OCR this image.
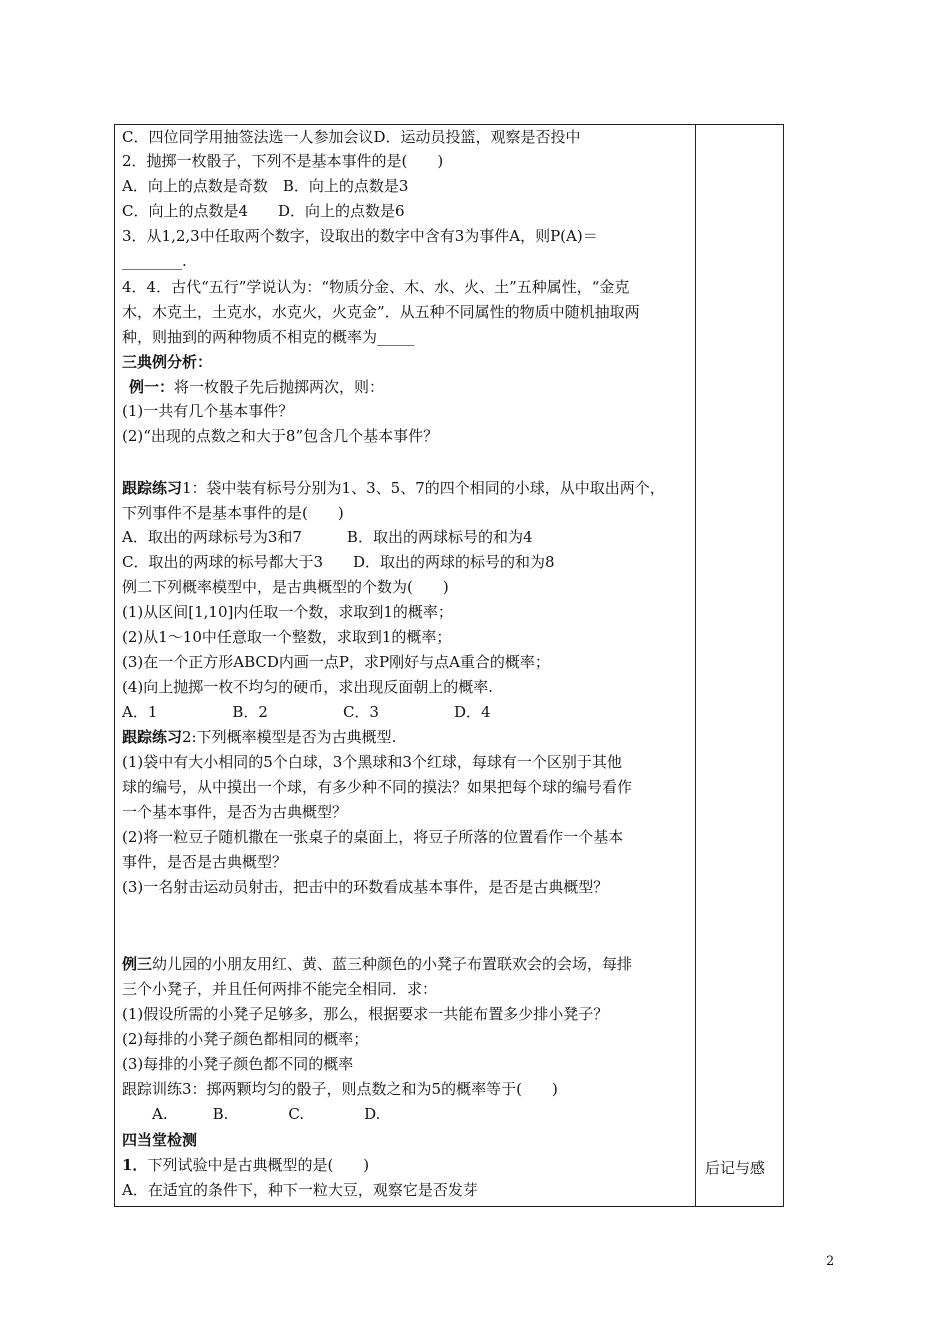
C．四位同学用抽签法选一人参加会议D．运动员投篮，观察是否投中
2．抛掷一枚骰子，下列不是基本事件的是(　　)
A．向上的点数是奇数　B．向上的点数是3
C．向上的点数是4　　D．向上的点数是6
3．从1,2,3中任取两个数字，设取出的数字中含有3为事件A，则P(A)＝
________.
4．4．古代“五行”学说认为：“物质分金、木、水、火、土”五种属性，“金克
木，木克土，土克水，水克火，火克金”．从五种不同属性的物质中随机抽取两
种，则抽到的两种物质不相克的概率为_____
三典例分析：
例一：将一枚骰子先后抛掷两次，则：
(1)一共有几个基本事件？
(2)“出现的点数之和大于8”包含几个基本事件？
跟踪练习1：袋中装有标号分别为1、3、5、7的四个相同的小球，从中取出两个，
下列事件不是基本事件的是(　　)
A．取出的两球标号为3和7　　　B．取出的两球标号的和为4
C．取出的两球的标号都大于3　　D．取出的两球的标号的和为8
例二下列概率模型中，是古典概型的个数为(　　)
(1)从区间[1,10]内任取一个数，求取到1的概率；
(2)从1～10中任意取一个整数，求取到1的概率；
(3)在一个正方形ABCD内画一点P，求P刚好与点A重合的概率；
(4)向上抛掷一枚不均匀的硬币，求出现反面朝上的概率.
A．1　　　　　B．2　　　　　C．3　　　　　D．4
跟踪练习2:下列概率模型是否为古典概型.
(1)袋中有大小相同的5个白球，3个黑球和3个红球，每球有一个区别于其他
球的编号，从中摸出一个球，有多少种不同的摸法？如果把每个球的编号看作
一个基本事件，是否为古典概型？
(2)将一粒豆子随机撒在一张桌子的桌面上，将豆子所落的位置看作一个基本
事件，是否是古典概型？
(3)一名射击运动员射击，把击中的环数看成基本事件，是否是古典概型？
例三幼儿园的小朋友用红、黄、蓝三种颜色的小凳子布置联欢会的会场，每排
三个小凳子，并且任何两排不能完全相同．求：
(1)假设所需的小凳子足够多，那么，根据要求一共能布置多少排小凳子？
(2)每排的小凳子颜色都相同的概率；
(3)每排的小凳子颜色都不同的概率
跟踪训练3：掷两颗均匀的骰子，则点数之和为5的概率等于(　　)
　　A.　　　B.　　　　C.　　　　D.
四当堂检测
1．下列试验中是古典概型的是(　　)
A．在适宜的条件下，种下一粒大豆，观察它是否发芽
后记与感
2
